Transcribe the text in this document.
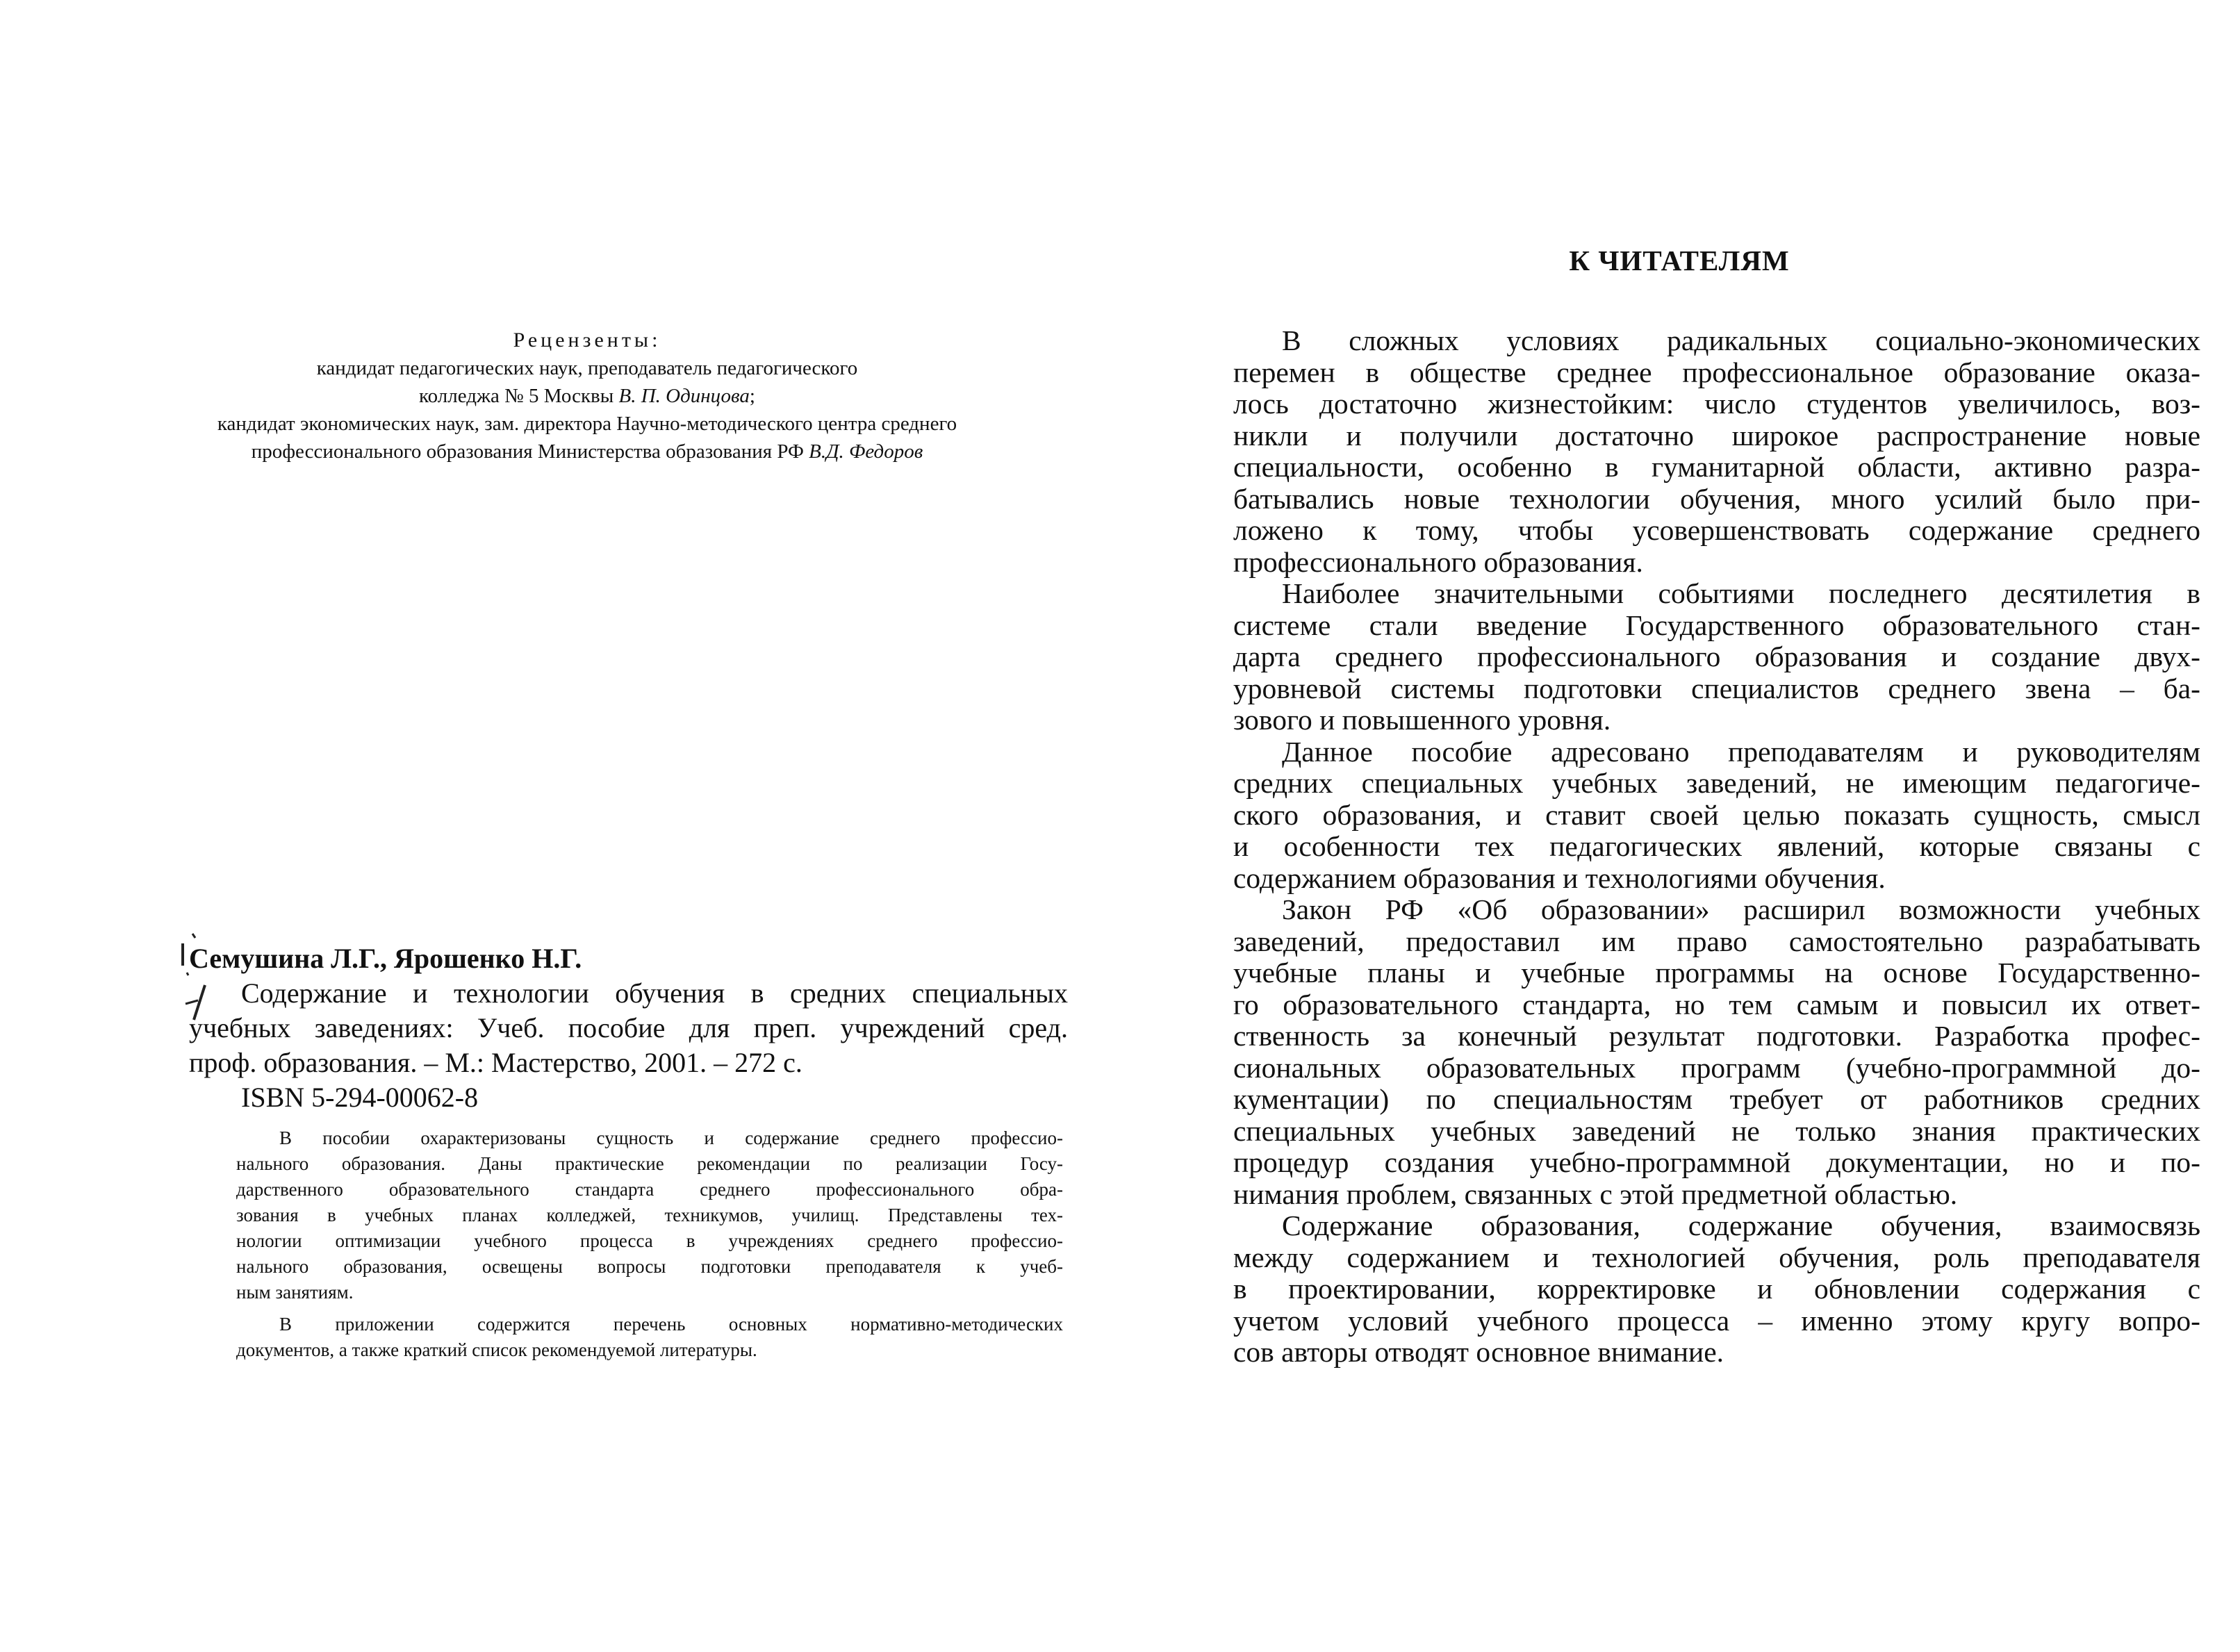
Рецензенты:
кандидат педагогических наук, преподаватель педагогического
колледжа № 5 Москвы В. П. Одинцова;
кандидат экономических наук, зам. директора Научно-методического центра среднего
профессионального образования Министерства образования РФ В.Д. Федоров
Семушина Л.Г., Ярошенко Н.Г.
Содержание и технологии обучения в средних специальных
учебных заведениях: Учеб. пособие для преп. учреждений сред.
проф. образования. – М.: Мастерство, 2001. – 272 с.
ISBN 5-294-00062-8
В пособии охарактеризованы сущность и содержание среднего профессио-
нального образования. Даны практические рекомендации по реализации Госу-
дарственного образовательного стандарта среднего профессионального обра-
зования в учебных планах колледжей, техникумов, училищ. Представлены тех-
нологии оптимизации учебного процесса в учреждениях среднего профессио-
нального образования, освещены вопросы подготовки преподавателя к учеб-
ным занятиям.
В приложении содержится перечень основных нормативно-методических
документов, а также краткий список рекомендуемой литературы.
К ЧИТАТЕЛЯМ
В сложных условиях радикальных социально-экономических
перемен в обществе среднее профессиональное образование оказа-
лось достаточно жизнестойким: число студентов увеличилось, воз-
никли и получили достаточно широкое распространение новые
специальности, особенно в гуманитарной области, активно разра-
батывались новые технологии обучения, много усилий было при-
ложено к тому, чтобы усовершенствовать содержание среднего
профессионального образования.
Наиболее значительными событиями последнего десятилетия в
системе стали введение Государственного образовательного стан-
дарта среднего профессионального образования и создание двух-
уровневой системы подготовки специалистов среднего звена – ба-
зового и повышенного уровня.
Данное пособие адресовано преподавателям и руководителям
средних специальных учебных заведений, не имеющим педагогиче-
ского образования, и ставит своей целью показать сущность, смысл
и особенности тех педагогических явлений, которые связаны с
содержанием образования и технологиями обучения.
Закон РФ «Об образовании» расширил возможности учебных
заведений, предоставил им право самостоятельно разрабатывать
учебные планы и учебные программы на основе Государственно-
го образовательного стандарта, но тем самым и повысил их ответ-
ственность за конечный результат подготовки. Разработка профес-
сиональных образовательных программ (учебно-программной до-
кументации) по специальностям требует от работников средних
специальных учебных заведений не только знания практических
процедур создания учебно-программной документации, но и по-
нимания проблем, связанных с этой предметной областью.
Содержание образования, содержание обучения, взаимосвязь
между содержанием и технологией обучения, роль преподавателя
в проектировании, корректировке и обновлении содержания с
учетом условий учебного процесса – именно этому кругу вопро-
сов авторы отводят основное внимание.
